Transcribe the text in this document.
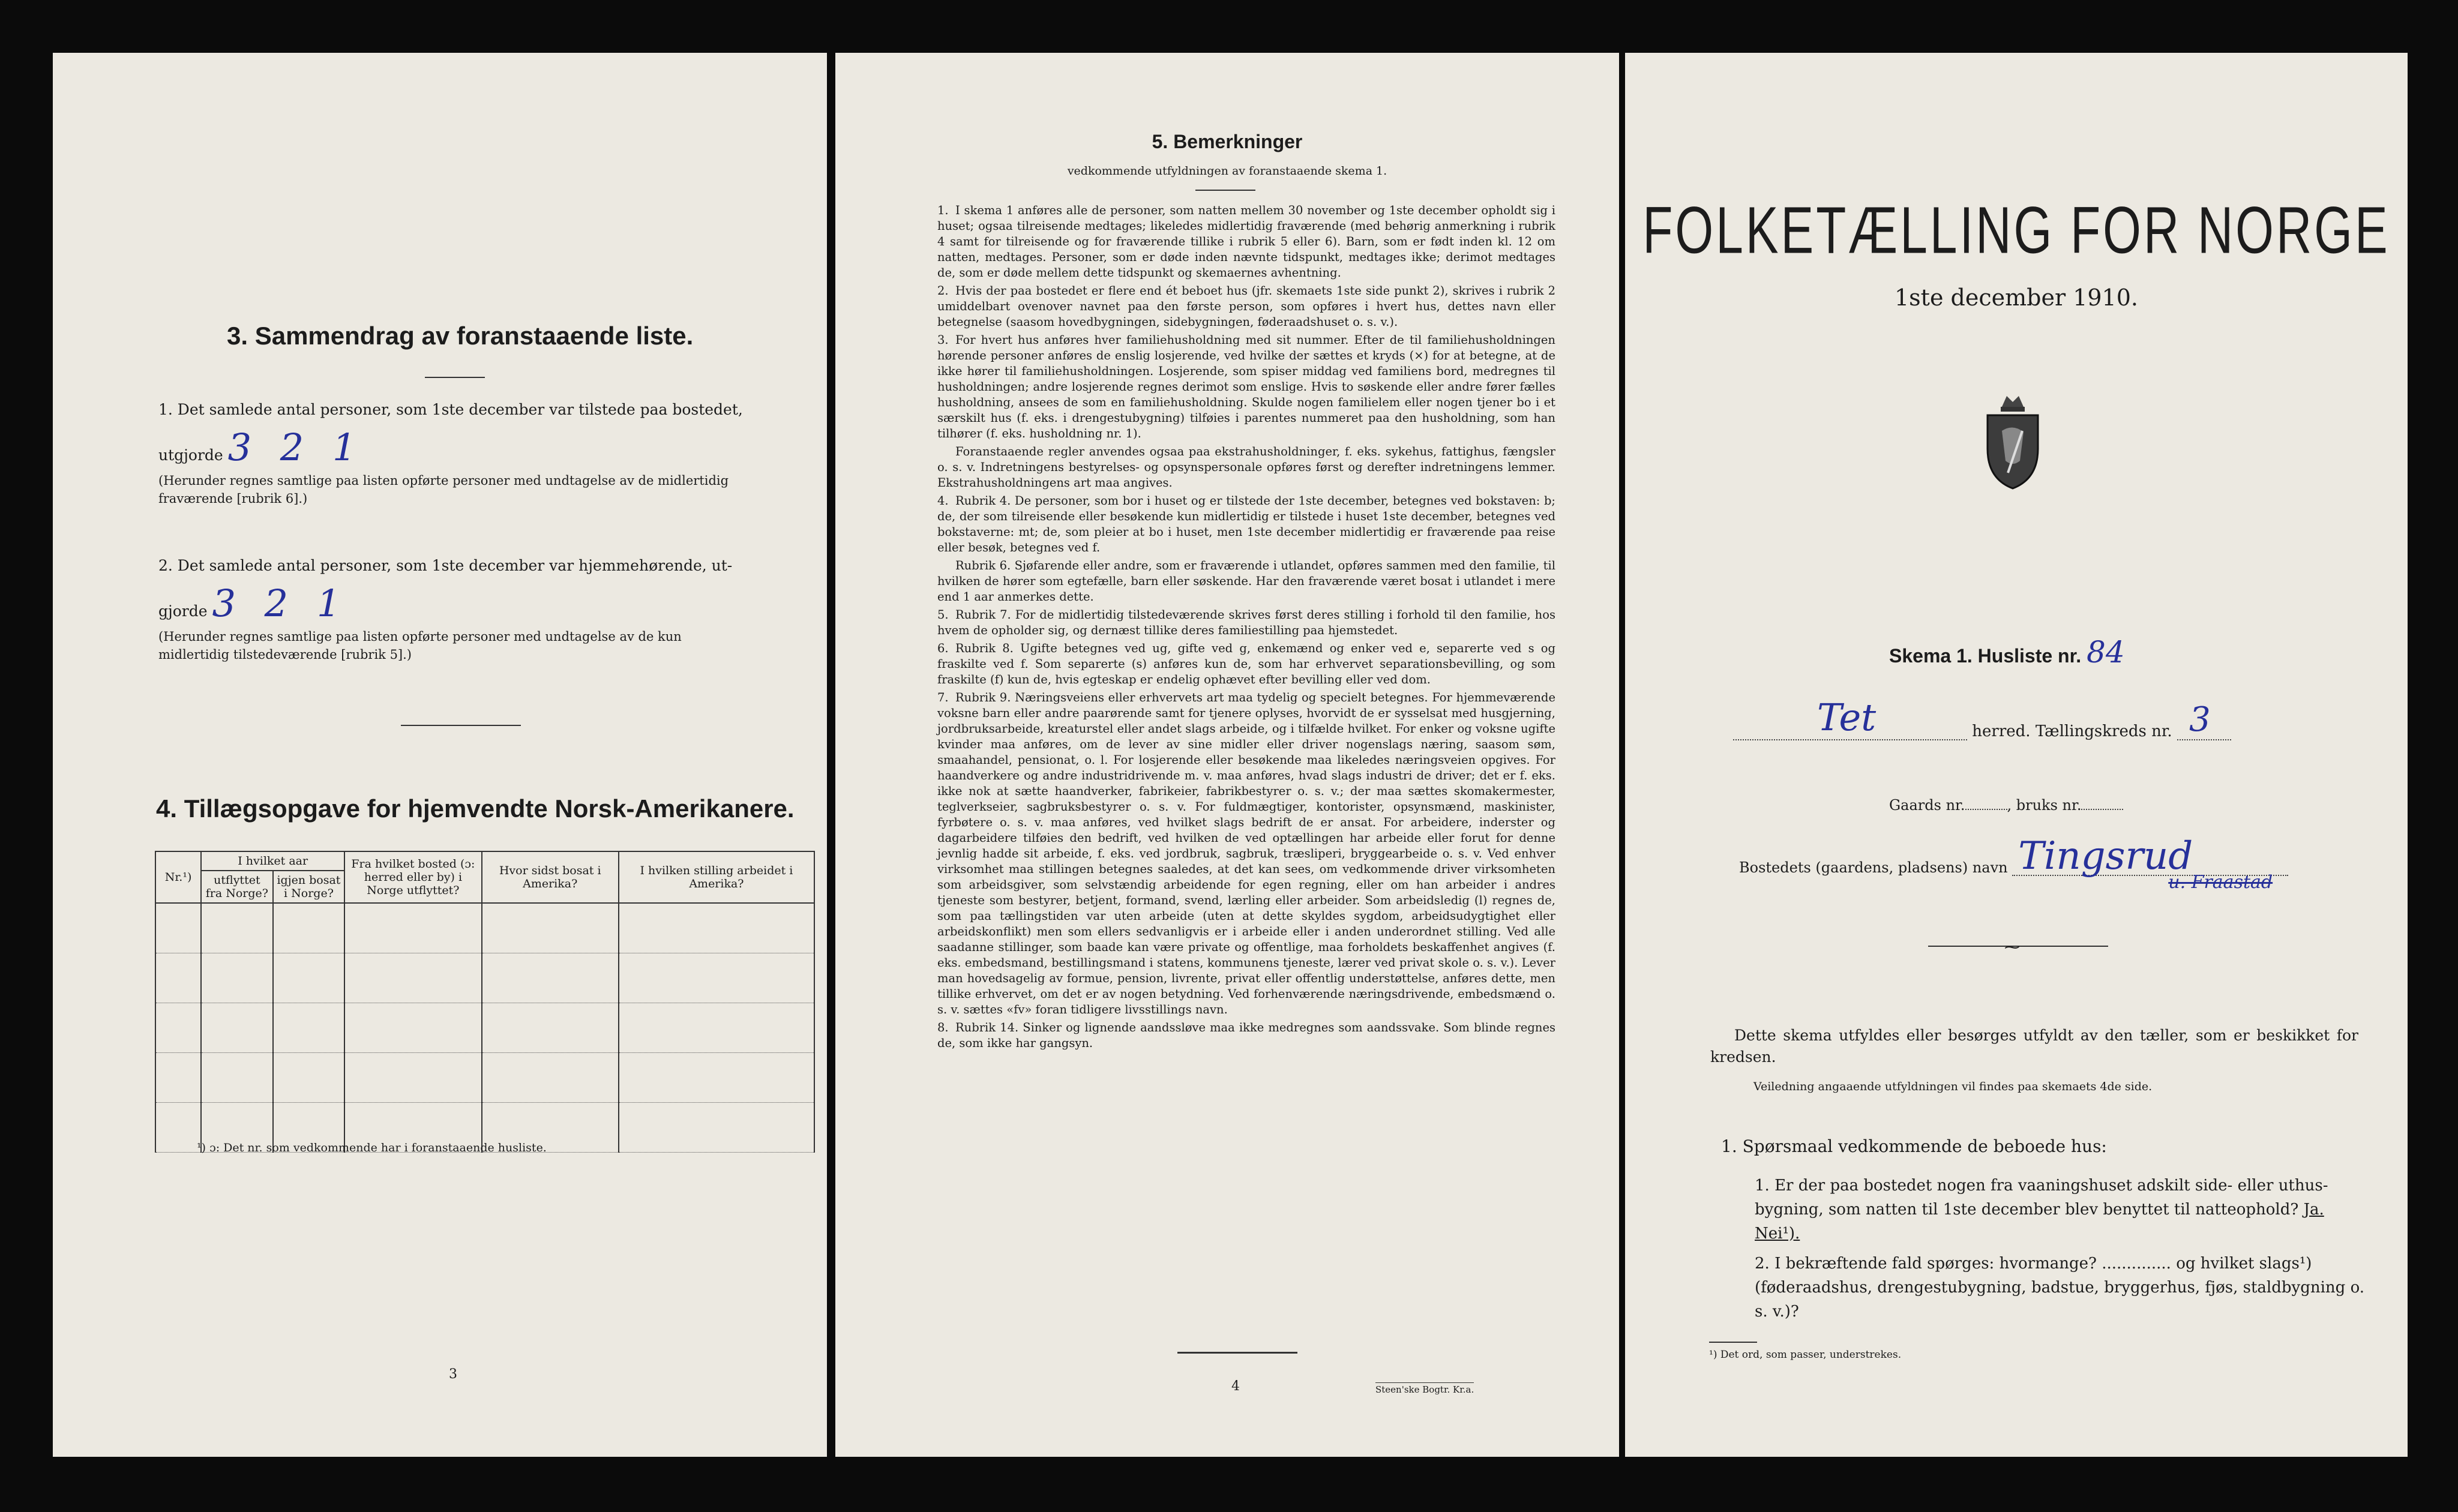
3. Sammendrag av foranstaaende liste.
1. Det samlede antal personer, som 1ste december var tilstede paa bostedet,
utgjorde 3 2 1
(Herunder regnes samtlige paa listen opførte personer med undtagelse av de midlertidig fraværende [rubrik 6].)
2. Det samlede antal personer, som 1ste december var hjemmehørende, ut-
gjorde 3 2 1
(Herunder regnes samtlige paa listen opførte personer med undtagelse av de kun midlertidig tilstedeværende [rubrik 5].)
4. Tillægsopgave for hjemvendte Norsk-Amerikanere.
Nr.¹)	I hvilket aar		Fra hvilket bosted (ɔ: herred eller by) i Norge utflyttet?	Hvor sidst bosat i Amerika?	I hvilken stilling arbeidet i Amerika?
	utflyttet fra Norge?	igjen bosat i Norge?			

¹) ɔ: Det nr. som vedkommende har i foranstaaende husliste.
3
5. Bemerkninger
vedkommende utfyldningen av foranstaaende skema 1.

1. I skema 1 anføres alle de personer, som natten mellem 30 november og 1ste december opholdt sig i huset; ogsaa tilreisende medtages; likeledes midlertidig fraværende (med behørig anmerkning i rubrik 4 samt for tilreisende og for fraværende tillike i rubrik 5 eller 6). Barn, som er født inden kl. 12 om natten, medtages. Personer, som er døde inden nævnte tidspunkt, medtages ikke; derimot medtages de, som er døde mellem dette tidspunkt og skemaernes avhentning.

2. Hvis der paa bostedet er flere end ét beboet hus (jfr. skemaets 1ste side punkt 2), skrives i rubrik 2 umiddelbart ovenover navnet paa den første person, som opføres i hvert hus, dettes navn eller betegnelse (saasom hovedbygningen, sidebygningen, føderaadshuset o. s. v.).

3. For hvert hus anføres hver familiehusholdning med sit nummer. Efter de til familiehusholdningen hørende personer anføres de enslig losjerende, ved hvilke der sættes et kryds (×) for at betegne, at de ikke hører til familiehusholdningen. Losjerende, som spiser middag ved familiens bord, medregnes til husholdningen; andre losjerende regnes derimot som enslige. Hvis to søskende eller andre fører fælles husholdning, ansees de som en familiehusholdning. Skulde nogen familielem eller nogen tjener bo i et særskilt hus (f. eks. i drengestubygning) tilføies i parentes nummeret paa den husholdning, som han tilhører (f. eks. husholdning nr. 1).

Foranstaaende regler anvendes ogsaa paa ekstrahusholdninger, f. eks. sykehus, fattighus, fængsler o. s. v. Indretningens bestyrelses- og opsynspersonale opføres først og derefter indretningens lemmer. Ekstrahusholdningens art maa angives.

4. Rubrik 4. De personer, som bor i huset og er tilstede der 1ste december, betegnes ved bokstaven: b; de, der som tilreisende eller besøkende kun midlertidig er tilstede i huset 1ste december, betegnes ved bokstaverne: mt; de, som pleier at bo i huset, men 1ste december midlertidig er fraværende paa reise eller besøk, betegnes ved f.

Rubrik 6. Sjøfarende eller andre, som er fraværende i utlandet, opføres sammen med den familie, til hvilken de hører som egtefælle, barn eller søskende. Har den fraværende været bosat i utlandet i mere end 1 aar anmerkes dette.

5. Rubrik 7. For de midlertidig tilstedeværende skrives først deres stilling i forhold til den familie, hos hvem de opholder sig, og dernæst tillike deres familiestilling paa hjemstedet.

6. Rubrik 8. Ugifte betegnes ved ug, gifte ved g, enkemænd og enker ved e, separerte ved s og fraskilte ved f. Som separerte (s) anføres kun de, som har erhvervet separationsbevilling, og som fraskilte (f) kun de, hvis egteskap er endelig ophævet efter bevilling eller ved dom.

7. Rubrik 9. Næringsveiens eller erhvervets art maa tydelig og specielt betegnes. For hjemmeværende voksne barn eller andre paarørende samt for tjenere oplyses, hvorvidt de er sysselsat med husgjerning, jordbruksarbeide, kreaturstel eller andet slags arbeide, og i tilfælde hvilket. For enker og voksne ugifte kvinder maa anføres, om de lever av sine midler eller driver nogenslags næring, saasom søm, smaahandel, pensionat, o. l. For losjerende eller besøkende maa likeledes næringsveien opgives. For haandverkere og andre industridrivende m. v. maa anføres, hvad slags industri de driver; det er f. eks. ikke nok at sætte haandverker, fabrikeier, fabrikbestyrer o. s. v.; der maa sættes skomakermester, teglverkseier, sagbruksbestyrer o. s. v. For fuldmægtiger, kontorister, opsynsmænd, maskinister, fyrbøtere o. s. v. maa anføres, ved hvilket slags bedrift de er ansat. For arbeidere, inderster og dagarbeidere tilføies den bedrift, ved hvilken de ved optællingen har arbeide eller forut for denne jevnlig hadde sit arbeide, f. eks. ved jordbruk, sagbruk, træsliperi, bryggearbeide o. s. v. Ved enhver virksomhet maa stillingen betegnes saaledes, at det kan sees, om vedkommende driver virksomheten som arbeidsgiver, som selvstændig arbeidende for egen regning, eller om han arbeider i andres tjeneste som bestyrer, betjent, formand, svend, lærling eller arbeider. Som arbeidsledig (l) regnes de, som paa tællingstiden var uten arbeide (uten at dette skyldes sygdom, arbeidsudygtighet eller arbeidskonflikt) men som ellers sedvanligvis er i arbeide eller i anden underordnet stilling. Ved alle saadanne stillinger, som baade kan være private og offentlige, maa forholdets beskaffenhet angives (f. eks. embedsmand, bestillingsmand i statens, kommunens tjeneste, lærer ved privat skole o. s. v.). Lever man hovedsagelig av formue, pension, livrente, privat eller offentlig understøttelse, anføres dette, men tillike erhvervet, om det er av nogen betydning. Ved forhenværende næringsdrivende, embedsmænd o. s. v. sættes «fv» foran tidligere livsstillings navn.

8. Rubrik 14. Sinker og lignende aandssløve maa ikke medregnes som aandssvake. Som blinde regnes de, som ikke har gangsyn.

4	Steen'ske Bogtr. Kr.a.
FOLKETÆLLING FOR NORGE
1ste december 1910.
Skema 1. Husliste nr. 84
Tet	herred. Tællingskreds nr. 3
Gaards nr.	, bruks nr.
Bostedets (gaardens, pladsens) navn Tingsrud
u. Fraastad
⁓
Dette skema utfyldes eller besørges utfyldt av den tæller, som er beskikket for kredsen.
Veiledning angaaende utfyldningen vil findes paa skemaets 4de side.
1. Spørsmaal vedkommende de beboede hus:
1. Er der paa bostedet nogen fra vaaningshuset adskilt side- eller uthus-bygning, som natten til 1ste december blev benyttet til natteophold? Ja. Nei¹).
2. I bekræftende fald spørges: hvormange? .............. og hvilket slags¹) (føderaadshus, drengestubygning, badstue, bryggerhus, fjøs, staldbygning o. s. v.)?
¹) Det ord, som passer, understrekes.
